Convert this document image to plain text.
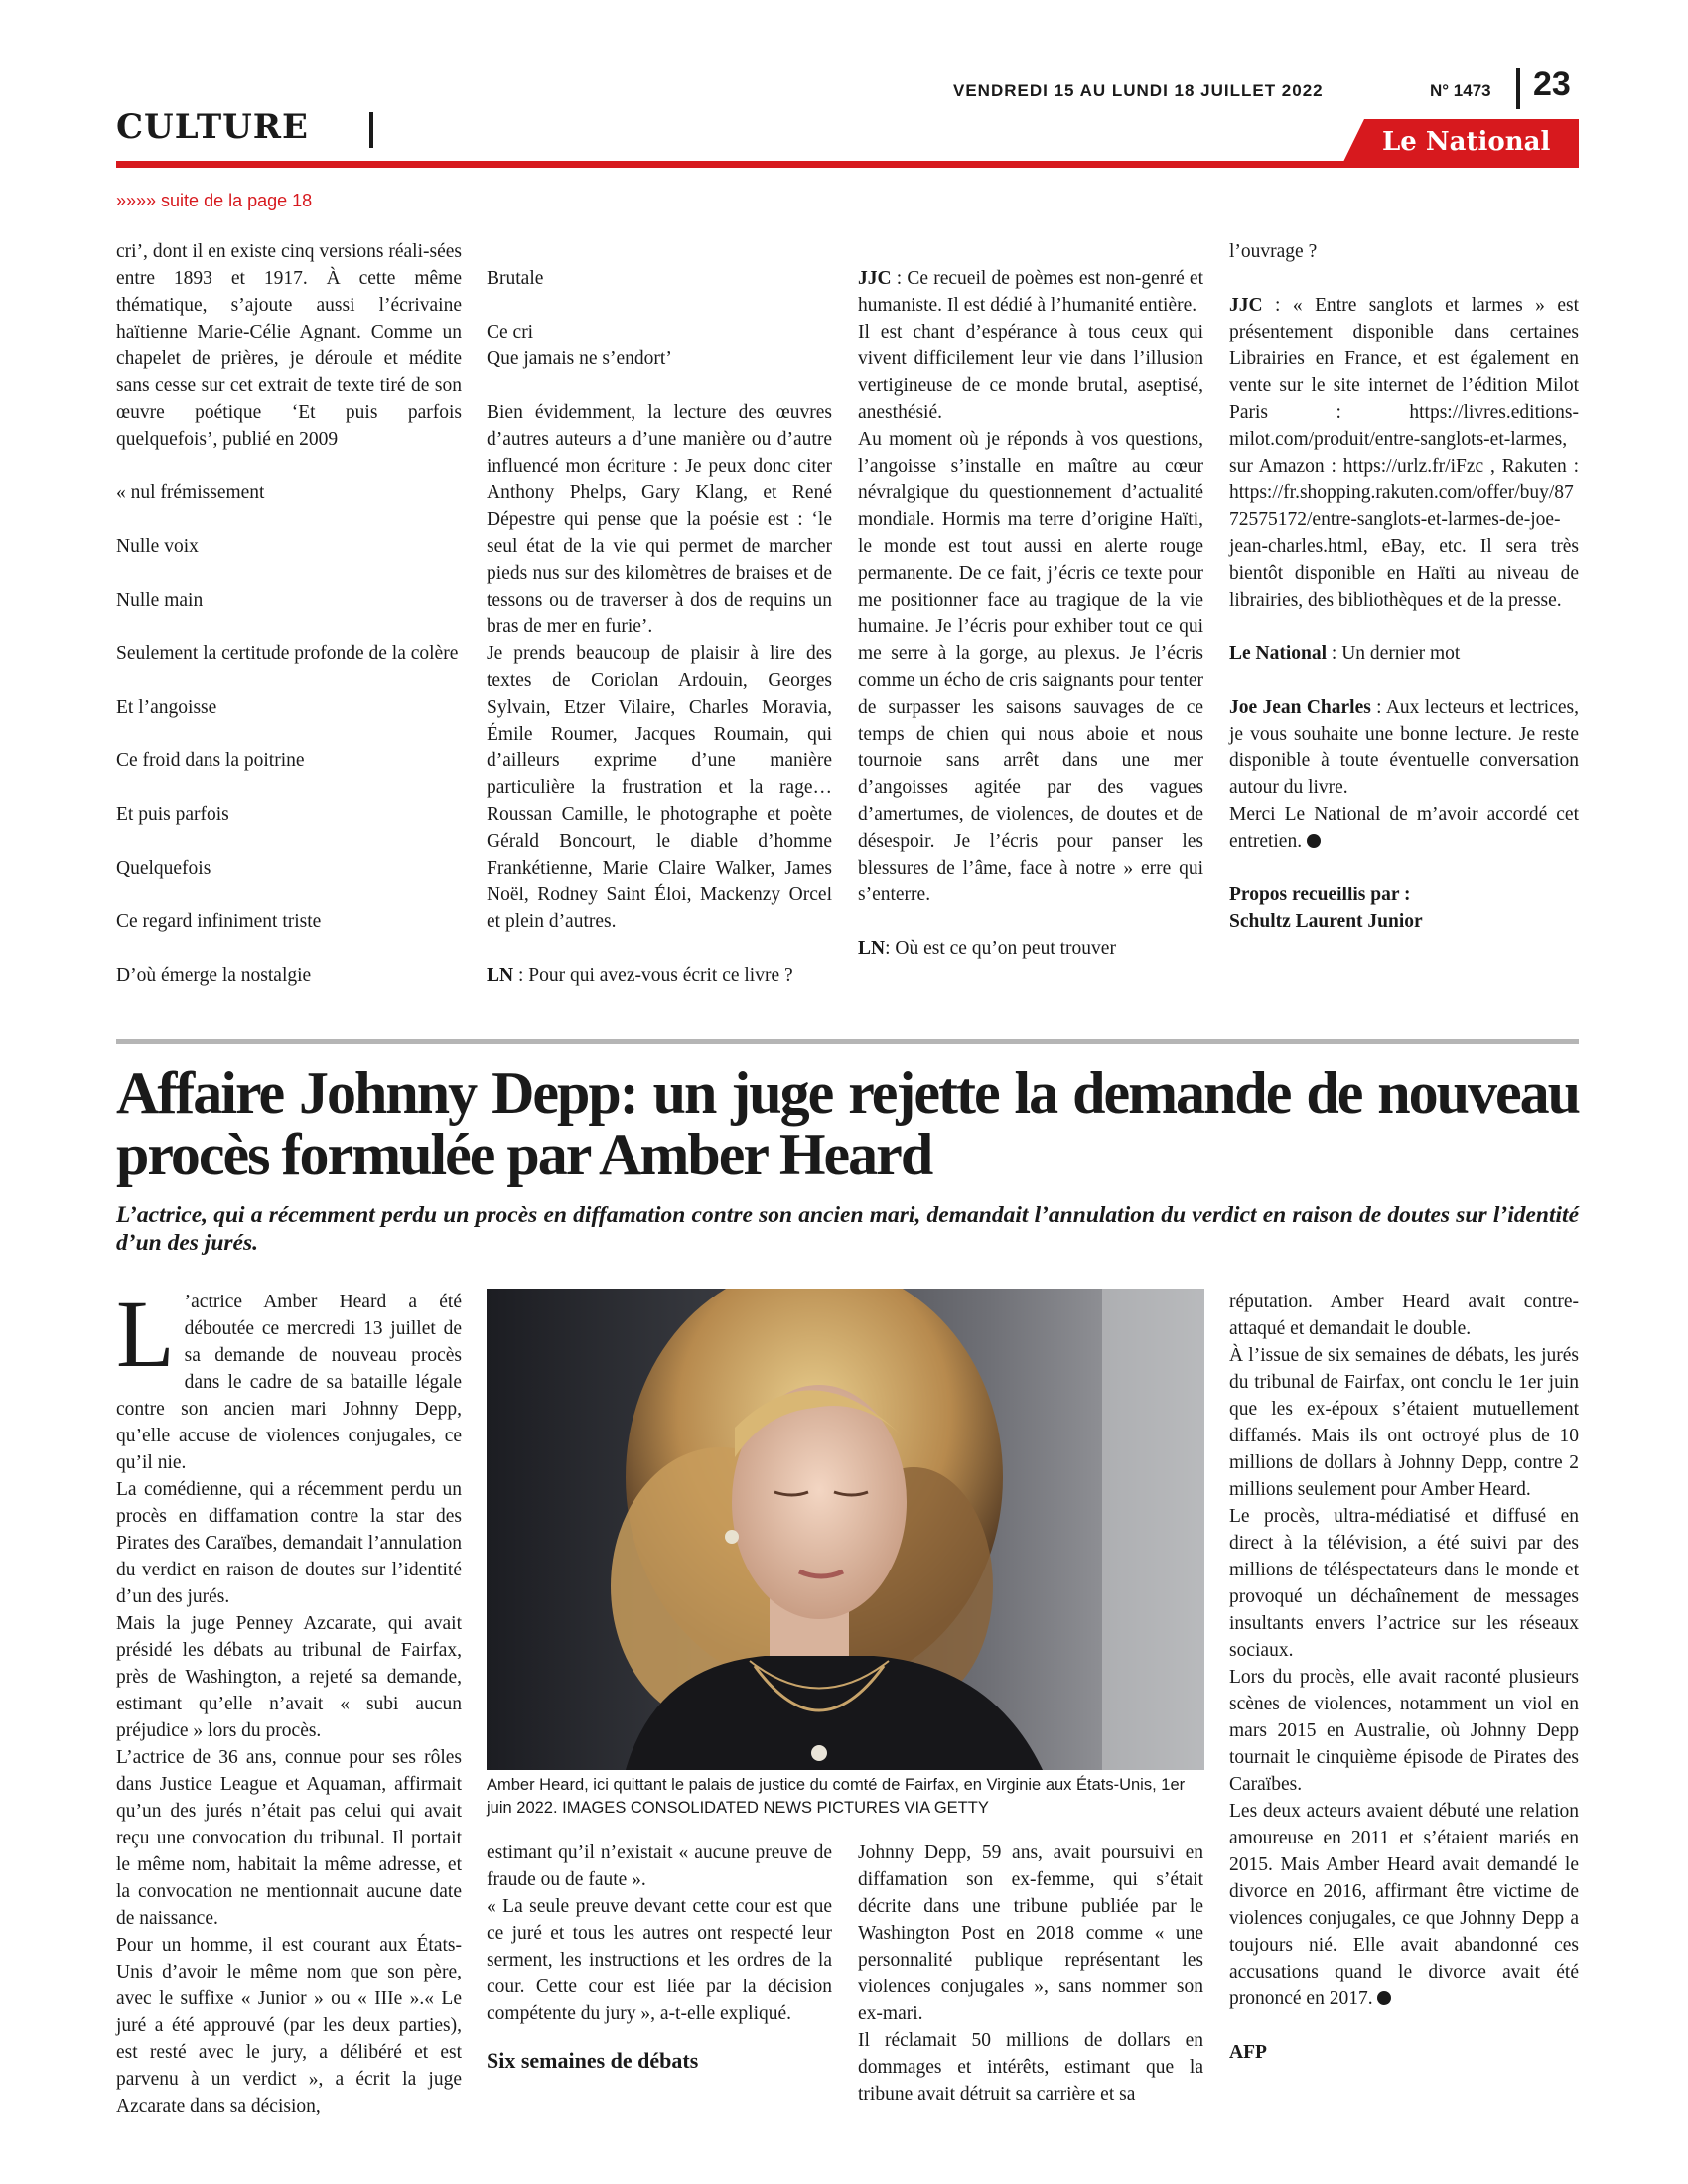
VENDREDI 15 AU LUNDI 18 JUILLET 2022	N° 1473 23
CULTURE	Le National
»»»» suite de la page 18

cri’, dont il en existe cinq versions réali-sées entre 1893 et 1917. À cette même thématique, s’ajoute aussi l’écrivaine haïtienne Marie-Célie Agnant. Comme un chapelet de prières, je déroule et médite sans cesse sur cet extrait de texte tiré de son œuvre poétique ‘Et puis parfois quelquefois’, publié en 2009

« nul frémissement

Nulle voix

Nulle main

Seulement la certitude profonde de la colère

Et l’angoisse

Ce froid dans la poitrine

Et puis parfois

Quelquefois

Ce regard infiniment triste

D’où émerge la nostalgie

Brutale

Ce cri

Que jamais ne s’endort’

Bien évidemment, la lecture des œuvres d’autres auteurs a d’une manière ou d’autre influencé mon écriture : Je peux donc citer Anthony Phelps, Gary Klang, et René Dépestre qui pense que la poésie est : ‘le seul état de la vie qui permet de marcher pieds nus sur des kilomètres de braises et de tessons ou de traverser à dos de requins un bras de mer en furie’.

Je prends beaucoup de plaisir à lire des textes de Coriolan Ardouin, Georges Sylvain, Etzer Vilaire, Charles Moravia, Émile Roumer, Jacques Roumain, qui d’ailleurs exprime d’une manière particulière la frustration et la rage… Roussan Camille, le photographe et poète Gérald Boncourt, le diable d’homme Frankétienne, Marie Claire Walker, James Noël, Rodney Saint Éloi, Mackenzy Orcel et plein d’autres.

LN : Pour qui avez-vous écrit ce livre ?

JJC : Ce recueil de poèmes est non-genré et humaniste. Il est dédié à l’humanité entière.

Il est chant d’espérance à tous ceux qui vivent difficilement leur vie dans l’illusion vertigineuse de ce monde brutal, aseptisé, anesthésié.

Au moment où je réponds à vos questions, l’angoisse s’installe en maître au cœur névralgique du questionnement d’actualité mondiale. Hormis ma terre d’origine Haïti, le monde est tout aussi en alerte rouge permanente. De ce fait, j’écris ce texte pour me positionner face au tragique de la vie humaine. Je l’écris pour exhiber tout ce qui me serre à la gorge, au plexus. Je l’écris comme un écho de cris saignants pour tenter de surpasser les saisons sauvages de ce temps de chien qui nous aboie et nous tournoie sans arrêt dans une mer d’angoisses agitée par des vagues d’amertumes, de violences, de doutes et de désespoir. Je l’écris pour panser les blessures de l’âme, face à notre » erre qui s’enterre.

LN: Où est ce qu’on peut trouver

l’ouvrage ?

JJC : « Entre sanglots et larmes » est présentement disponible dans certaines Librairies en France, et est également en vente sur le site internet de l’édition Milot Paris : https://livres.editions-milot.com/produit/entre-sanglots-et-larmes, sur Amazon : https://urlz.fr/iFzc , Rakuten : https://fr.shopping.rakuten.com/offer/buy/8772575172/entre-sanglots-et-larmes-de-joe-jean-charles.html, eBay, etc. Il sera très bientôt disponible en Haïti au niveau de librairies, des bibliothèques et de la presse.

Le National : Un dernier mot

Joe Jean Charles : Aux lecteurs et lectrices, je vous souhaite une bonne lecture. Je reste disponible à toute éventuelle conversation autour du livre.

Merci Le National de m’avoir accordé cet entretien.

Propos recueillis par :

Schultz Laurent Junior

Affaire Johnny Depp: un juge rejette la demande de nouveau procès formulée par Amber Heard
L’actrice, qui a récemment perdu un procès en diffamation contre son ancien mari, demandait l’annulation du verdict en raison de doutes sur l’identité d’un des jurés.

L ’actrice Amber Heard a été déboutée ce mercredi 13 juillet de sa demande de nouveau procès dans le cadre de sa bataille légale contre son ancien mari Johnny Depp, qu’elle accuse de violences conjugales, ce qu’il nie.

La comédienne, qui a récemment perdu un procès en diffamation contre la star des Pirates des Caraïbes, demandait l’annulation du verdict en raison de doutes sur l’identité d’un des jurés.

Mais la juge Penney Azcarate, qui avait présidé les débats au tribunal de Fairfax, près de Washington, a rejeté sa demande, estimant qu’elle n’avait « subi aucun préjudice » lors du procès.

L’actrice de 36 ans, connue pour ses rôles dans Justice League et Aquaman, affirmait qu’un des jurés n’était pas celui qui avait reçu une convocation du tribunal. Il portait le même nom, habitait la même adresse, et la convocation ne mentionnait aucune date de naissance.

Pour un homme, il est courant aux États-Unis d’avoir le même nom que son père, avec le suffixe « Junior » ou « IIIe ».« Le juré a été approuvé (par les deux parties), est resté avec le jury, a délibéré et est parvenu à un verdict », a écrit la juge Azcarate dans sa décision,

Amber Heard, ici quittant le palais de justice du comté de Fairfax, en Virginie aux États-Unis, 1er juin 2022. IMAGES CONSOLIDATED NEWS PICTURES VIA GETTY

estimant qu’il n’existait « aucune preuve de fraude ou de faute ».

« La seule preuve devant cette cour est que ce juré et tous les autres ont respecté leur serment, les instructions et les ordres de la cour. Cette cour est liée par la décision compétente du jury », a-t-elle expliqué.

Six semaines de débats

Johnny Depp, 59 ans, avait poursuivi en diffamation son ex-femme, qui s’était décrite dans une tribune publiée par le Washington Post en 2018 comme « une personnalité publique représentant les violences conjugales », sans nommer son ex-mari.

Il réclamait 50 millions de dollars en dommages et intérêts, estimant que la tribune avait détruit sa carrière et sa

réputation. Amber Heard avait contre-attaqué et demandait le double.

À l’issue de six semaines de débats, les jurés du tribunal de Fairfax, ont conclu le 1er juin que les ex-époux s’étaient mutuellement diffamés. Mais ils ont octroyé plus de 10 millions de dollars à Johnny Depp, contre 2 millions seulement pour Amber Heard.

Le procès, ultra-médiatisé et diffusé en direct à la télévision, a été suivi par des millions de téléspectateurs dans le monde et provoqué un déchaînement de messages insultants envers l’actrice sur les réseaux sociaux.

Lors du procès, elle avait raconté plusieurs scènes de violences, notamment un viol en mars 2015 en Australie, où Johnny Depp tournait le cinquième épisode de Pirates des Caraïbes.

Les deux acteurs avaient débuté une relation amoureuse en 2011 et s’étaient mariés en 2015. Mais Amber Heard avait demandé le divorce en 2016, affirmant être victime de violences conjugales, ce que Johnny Depp a toujours nié. Elle avait abandonné ces accusations quand le divorce avait été prononcé en 2017.

AFP
